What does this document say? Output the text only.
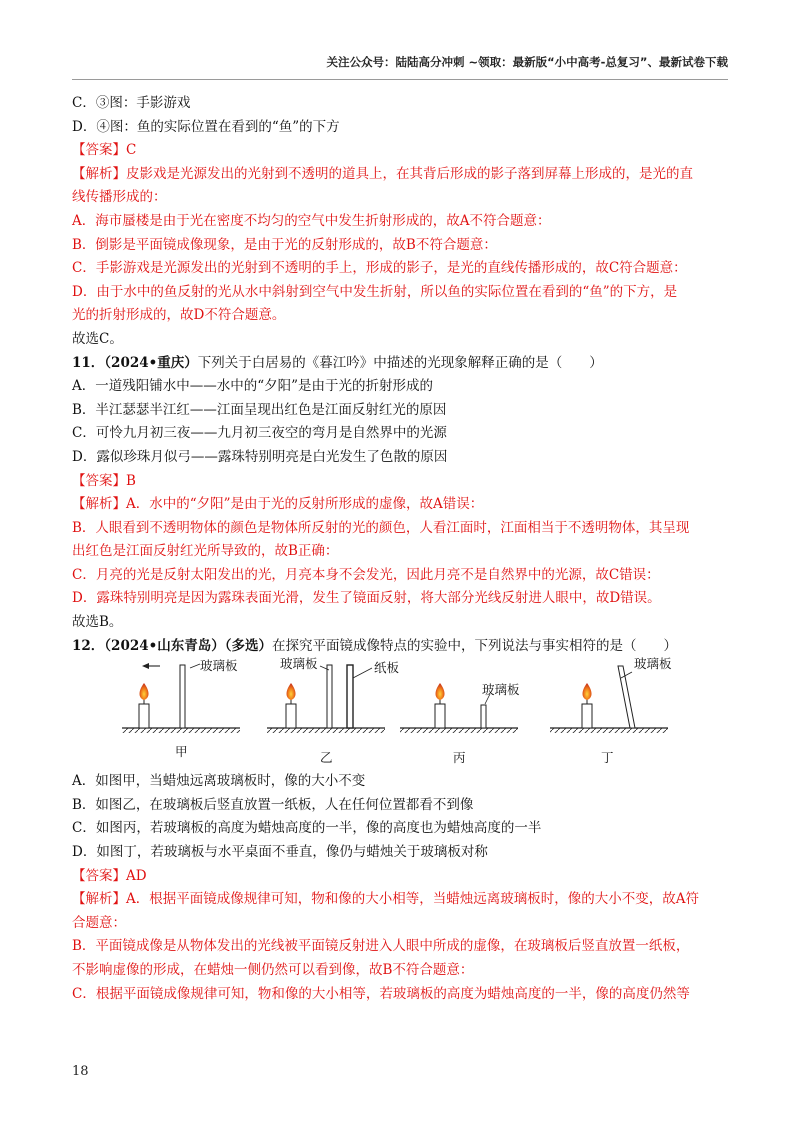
关注公众号：陆陆高分冲刺 ~领取：最新版“小中高考-总复习”、最新试卷下载
C．③图：手影游戏
D．④图：鱼的实际位置在看到的“鱼”的下方
【答案】C
【解析】皮影戏是光源发出的光射到不透明的道具上，在其背后形成的影子落到屏幕上形成的，是光的直
线传播形成的：
A．海市蜃楼是由于光在密度不均匀的空气中发生折射形成的，故A不符合题意：
B．倒影是平面镜成像现象，是由于光的反射形成的，故B不符合题意：
C．手影游戏是光源发出的光射到不透明的手上，形成的影子，是光的直线传播形成的，故C符合题意：
D．由于水中的鱼反射的光从水中斜射到空气中发生折射，所以鱼的实际位置在看到的“鱼”的下方，是
光的折射形成的，故D不符合题意。
故选C。
11．（2024•重庆）下列关于白居易的《暮江吟》中描述的光现象解释正确的是（　　）
A．一道残阳铺水中——水中的“夕阳”是由于光的折射形成的
B．半江瑟瑟半江红——江面呈现出红色是江面反射红光的原因
C．可怜九月初三夜——九月初三夜空的弯月是自然界中的光源
D．露似珍珠月似弓——露珠特别明亮是白光发生了色散的原因
【答案】B
【解析】A．水中的“夕阳”是由于光的反射所形成的虚像，故A错误：
B．人眼看到不透明物体的颜色是物体所反射的光的颜色，人看江面时，江面相当于不透明物体，其呈现
出红色是江面反射红光所导致的，故B正确：
C．月亮的光是反射太阳发出的光，月亮本身不会发光，因此月亮不是自然界中的光源，故C错误：
D．露珠特别明亮是因为露珠表面光滑，发生了镜面反射，将大部分光线反射进人眼中，故D错误。
故选B。
12．（2024•山东青岛）（多选）在探究平面镜成像特点的实验中，下列说法与事实相符的是（　　）
玻璃板	玻璃板	纸板
玻璃板
玻璃板
甲	乙	丙	丁
A．如图甲，当蜡烛远离玻璃板时，像的大小不变
B．如图乙，在玻璃板后竖直放置一纸板，人在任何位置都看不到像
C．如图丙，若玻璃板的高度为蜡烛高度的一半，像的高度也为蜡烛高度的一半
D．如图丁，若玻璃板与水平桌面不垂直，像仍与蜡烛关于玻璃板对称
【答案】AD
【解析】A．根据平面镜成像规律可知，物和像的大小相等，当蜡烛远离玻璃板时，像的大小不变，故A符
合题意：
B．平面镜成像是从物体发出的光线被平面镜反射进入人眼中所成的虚像，在玻璃板后竖直放置一纸板，
不影响虚像的形成，在蜡烛一侧仍然可以看到像，故B不符合题意：
C．根据平面镜成像规律可知，物和像的大小相等，若玻璃板的高度为蜡烛高度的一半，像的高度仍然等
18
